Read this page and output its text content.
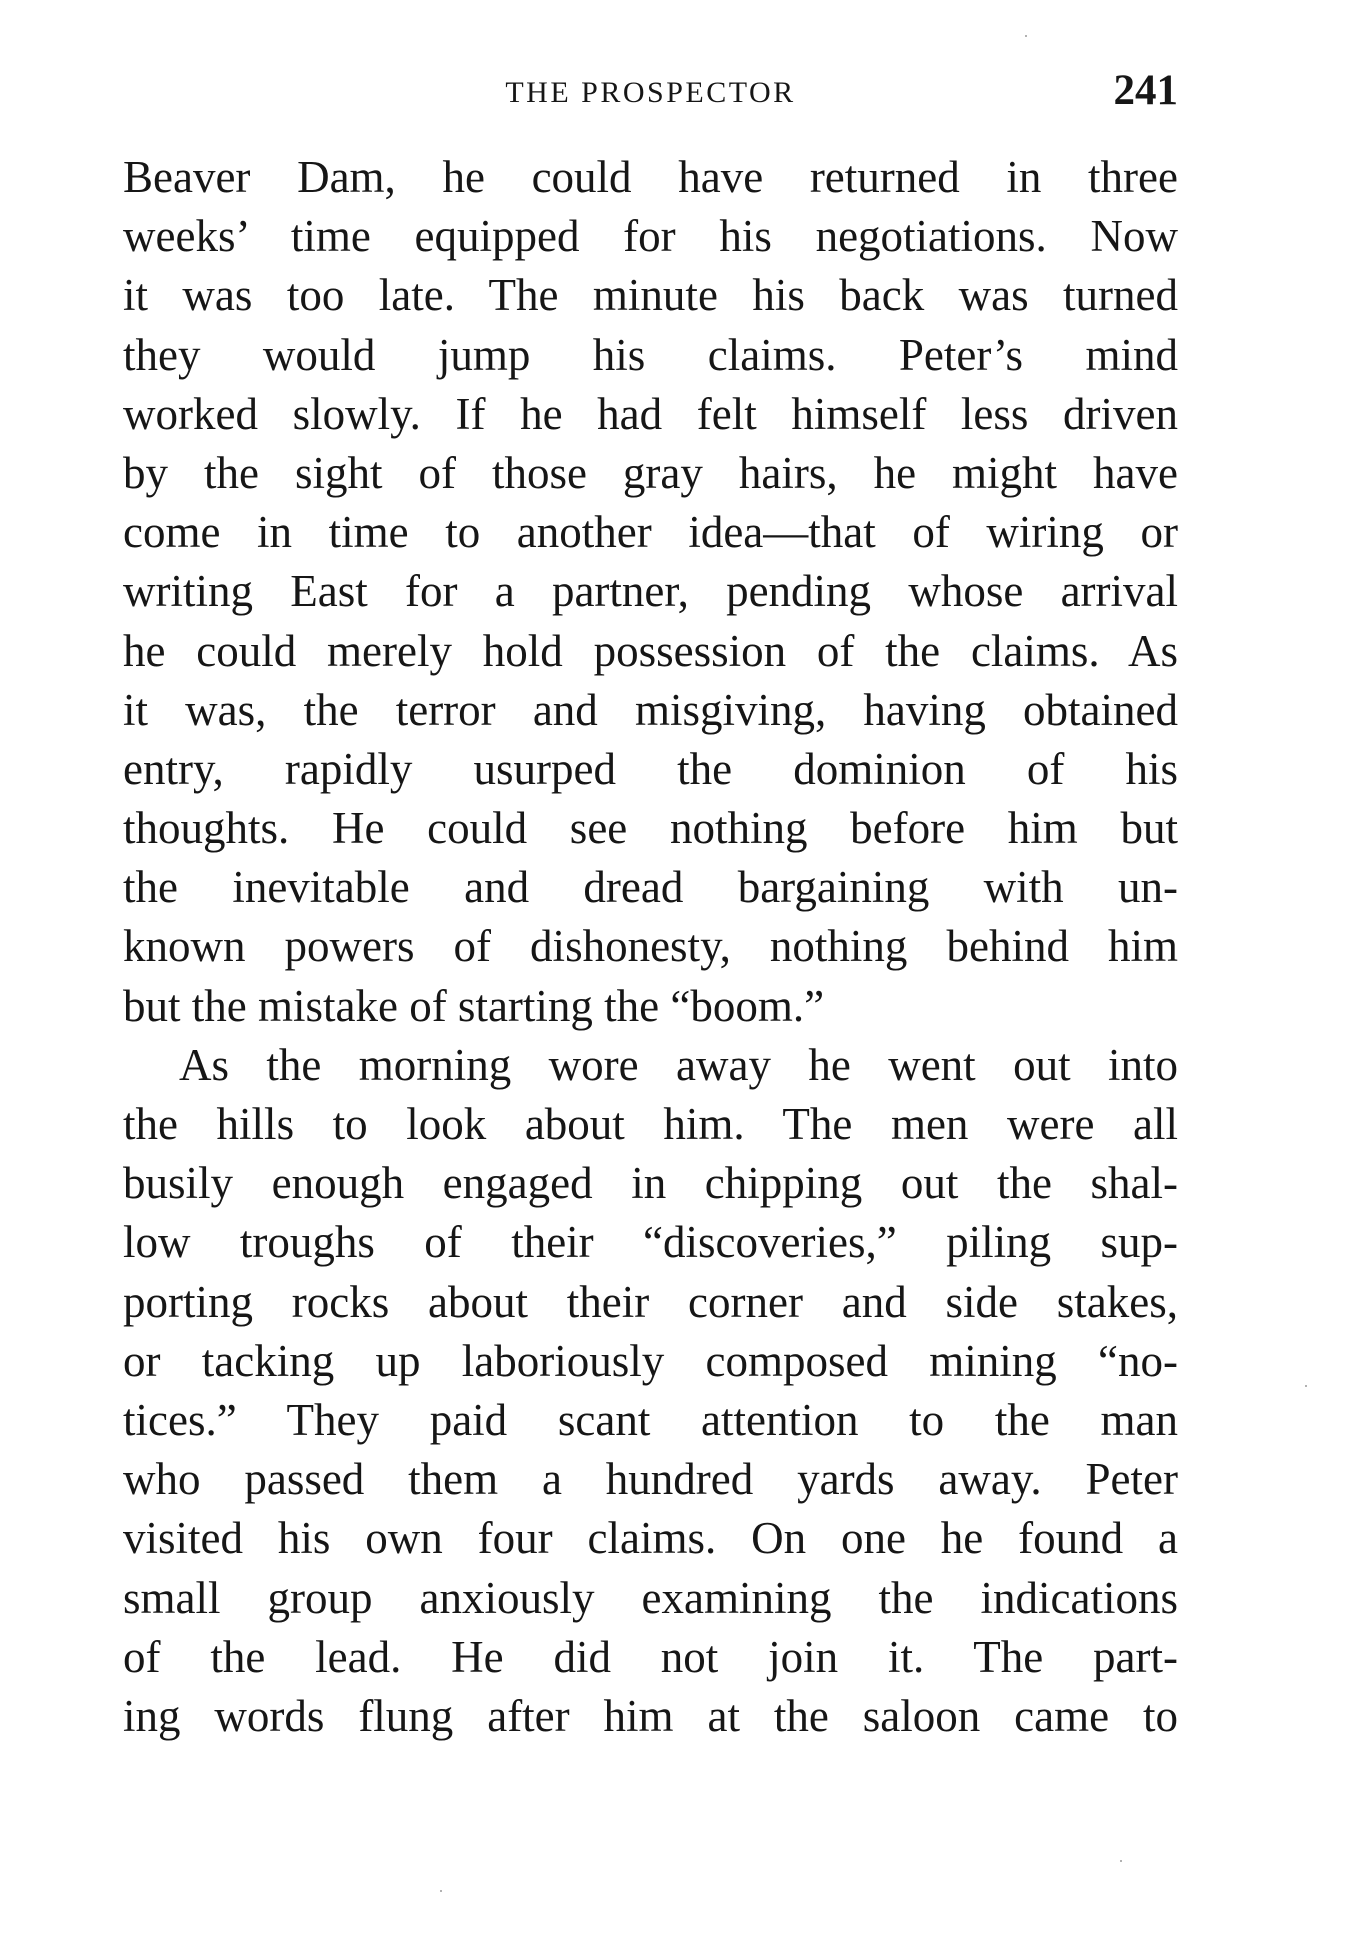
THE PROSPECTOR	241
Beaver Dam, he could have returned in three
weeks’ time equipped for his negotiations. Now
it was too late. The minute his back was turned
they would jump his claims. Peter’s mind
worked slowly. If he had felt himself less driven
by the sight of those gray hairs, he might have
come in time to another idea—that of wiring or
writing East for a partner, pending whose arrival
he could merely hold possession of the claims. As
it was, the terror and misgiving, having obtained
entry, rapidly usurped the dominion of his
thoughts. He could see nothing before him but
the inevitable and dread bargaining with un-
known powers of dishonesty, nothing behind him
but the mistake of starting the “boom.”
As the morning wore away he went out into
the hills to look about him. The men were all
busily enough engaged in chipping out the shal-
low troughs of their “discoveries,” piling sup-
porting rocks about their corner and side stakes,
or tacking up laboriously composed mining “no-
tices.” They paid scant attention to the man
who passed them a hundred yards away. Peter
visited his own four claims. On one he found a
small group anxiously examining the indications
of the lead. He did not join it. The part-
ing words flung after him at the saloon came to
